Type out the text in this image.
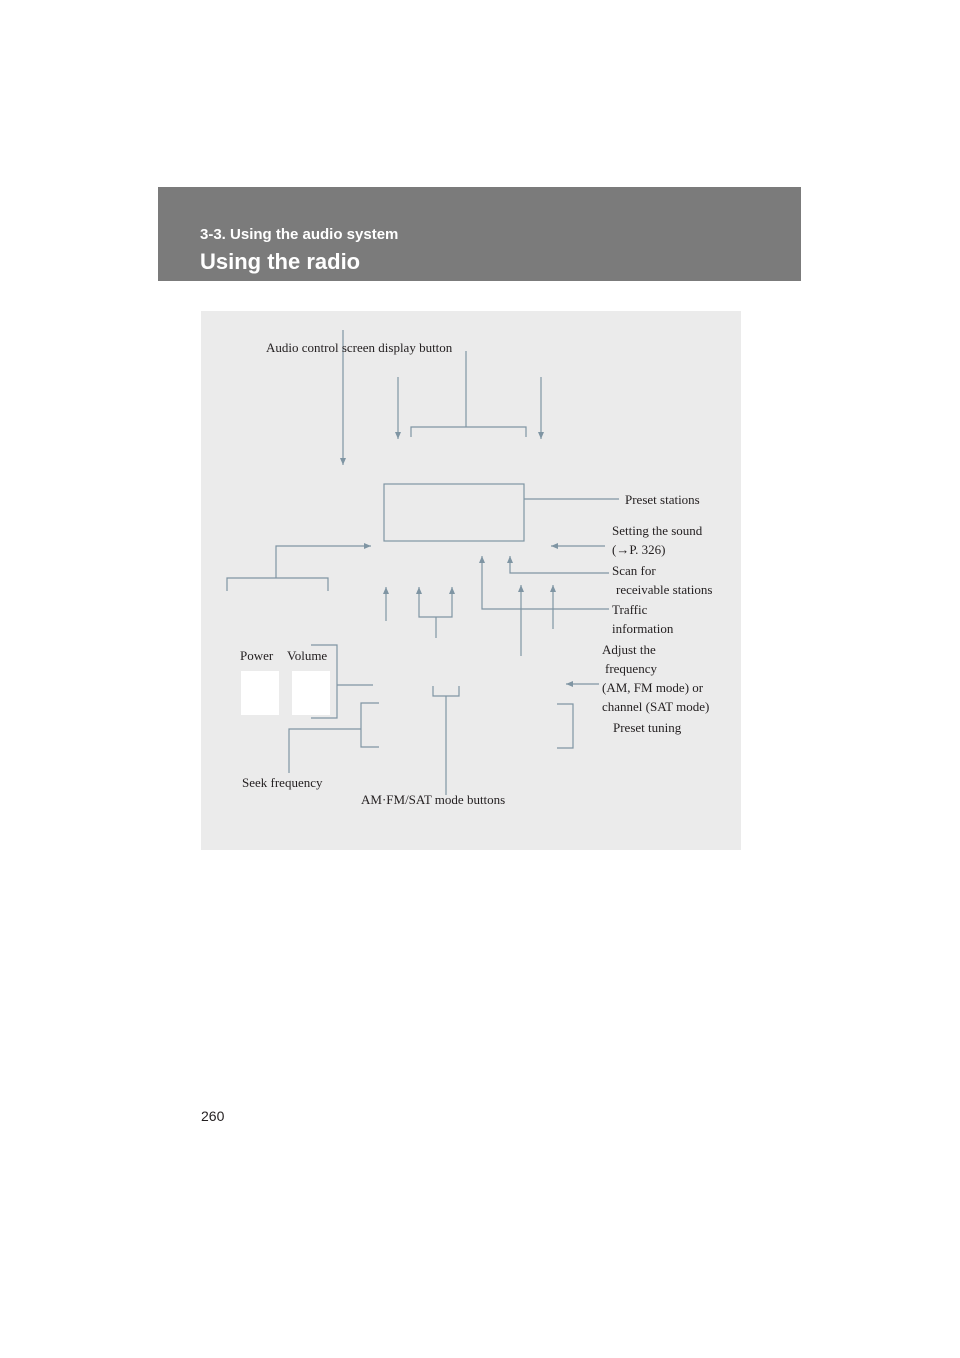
3-3. Using the audio system
Using the radio
Audio control screen display button
Preset stations
Setting the sound
(→P. 326)
Scan for
receivable stations
Traffic
information
Power Volume	Adjust the
frequency
(AM, FM mode) or
channel (SAT mode)
Preset tuning
Seek frequency
AM·FM/SAT mode buttons
260
